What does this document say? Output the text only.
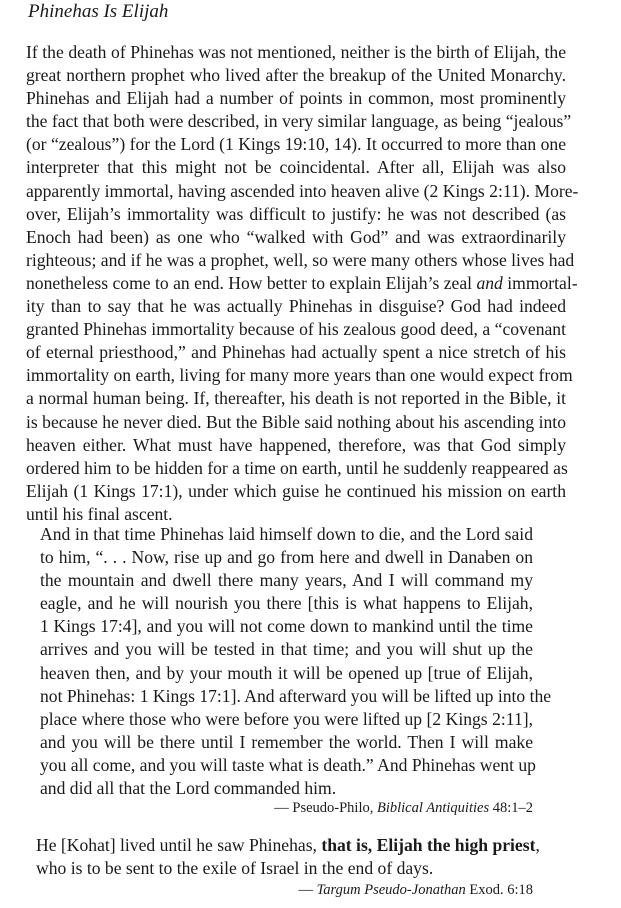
Phinehas Is Elijah
If the death of Phinehas was not mentioned, neither is the birth of Elijah, the
great northern prophet who lived after the breakup of the United Monarchy.
Phinehas and Elijah had a number of points in common, most prominently
the fact that both were described, in very similar language, as being “jealous”
(or “zealous”) for the Lord (1 Kings 19:10, 14). It occurred to more than one
interpreter that this might not be coincidental. After all, Elijah was also
apparently immortal, having ascended into heaven alive (2 Kings 2:11). More-
over, Elijah’s immortality was difficult to justify: he was not described (as
Enoch had been) as one who “walked with God” and was extraordinarily
righteous; and if he was a prophet, well, so were many others whose lives had
nonetheless come to an end. How better to explain Elijah’s zeal and immortal-
ity than to say that he was actually Phinehas in disguise? God had indeed
granted Phinehas immortality because of his zealous good deed, a “covenant
of eternal priesthood,” and Phinehas had actually spent a nice stretch of his
immortality on earth, living for many more years than one would expect from
a normal human being. If, thereafter, his death is not reported in the Bible, it
is because he never died. But the Bible said nothing about his ascending into
heaven either. What must have happened, therefore, was that God simply
ordered him to be hidden for a time on earth, until he suddenly reappeared as
Elijah (1 Kings 17:1), under which guise he continued his mission on earth
until his final ascent.
And in that time Phinehas laid himself down to die, and the Lord said
to him, “. . . Now, rise up and go from here and dwell in Danaben on
the mountain and dwell there many years, And I will command my
eagle, and he will nourish you there [this is what happens to Elijah,
1 Kings 17:4], and you will not come down to mankind until the time
arrives and you will be tested in that time; and you will shut up the
heaven then, and by your mouth it will be opened up [true of Elijah,
not Phinehas: 1 Kings 17:1]. And afterward you will be lifted up into the
place where those who were before you were lifted up [2 Kings 2:11],
and you will be there until I remember the world. Then I will make
you all come, and you will taste what is death.” And Phinehas went up
and did all that the Lord commanded him.
— Pseudo-Philo, Biblical Antiquities 48:1–2
He [Kohat] lived until he saw Phinehas, that is, Elijah the high priest,
who is to be sent to the exile of Israel in the end of days.
— Targum Pseudo-Jonathan Exod. 6:18
